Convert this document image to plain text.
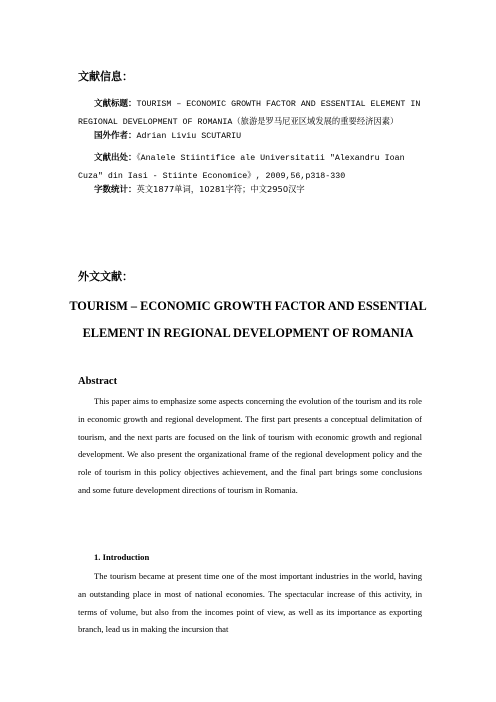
文献信息：
文献标题：TOURISM – ECONOMIC GROWTH FACTOR AND ESSENTIAL ELEMENT IN REGIONAL DEVELOPMENT OF ROMANIA（旅游是罗马尼亚区域发展的重要经济因素）
国外作者：Adrian Liviu SCUTARIU
文献出处：《Analele Stiintifice ale Universitatii "Alexandru Ioan Cuza" din Iasi - Stiinte Economice》, 2009,56,p318-330
字数统计：英文1877单词，10281字符；中文2950汉字
外文文献：
TOURISM – ECONOMIC GROWTH FACTOR AND ESSENTIAL ELEMENT IN REGIONAL DEVELOPMENT OF ROMANIA
Abstract
This paper aims to emphasize some aspects concerning the evolution of the tourism and its role in economic growth and regional development. The first part presents a conceptual delimitation of tourism, and the next parts are focused on the link of tourism with economic growth and regional development. We also present the organizational frame of the regional development policy and the role of tourism in this policy objectives achievement, and the final part brings some conclusions and some future development directions of tourism in Romania.
1. Introduction
The tourism became at present time one of the most important industries in the world, having an outstanding place in most of national economies. The spectacular increase of this activity, in terms of volume, but also from the incomes point of view, as well as its importance as exporting branch, lead us in making the incursion that
